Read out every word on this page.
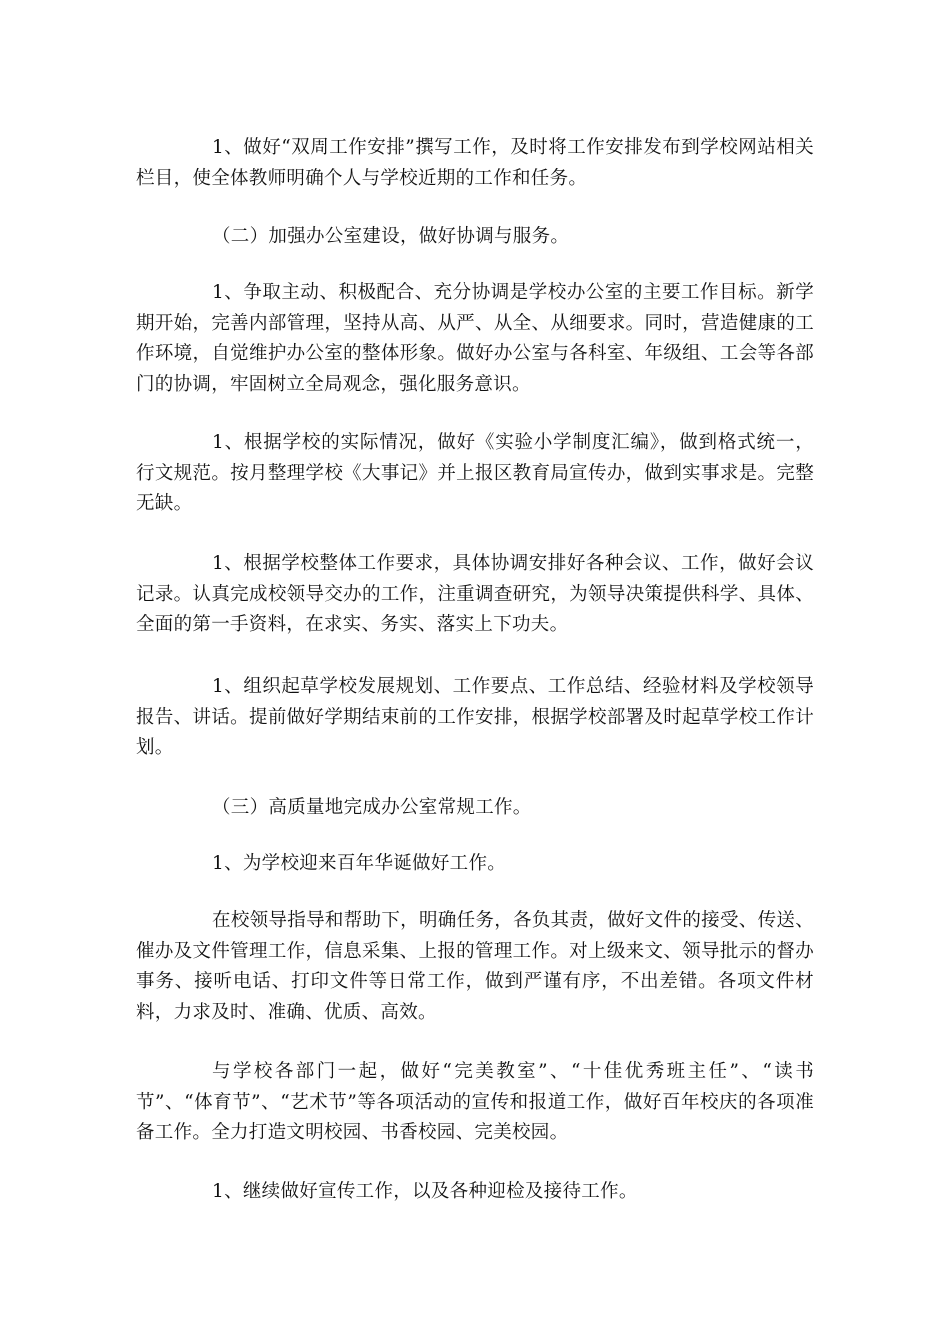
1、做好“双周工作安排”撰写工作，及时将工作安排发布到学校网站相关栏目，使全体教师明确个人与学校近期的工作和任务。

（二）加强办公室建设，做好协调与服务。

1、争取主动、积极配合、充分协调是学校办公室的主要工作目标。新学期开始，完善内部管理，坚持从高、从严、从全、从细要求。同时，营造健康的工作环境，自觉维护办公室的整体形象。做好办公室与各科室、年级组、工会等各部门的协调，牢固树立全局观念，强化服务意识。

1、根据学校的实际情况，做好《实验小学制度汇编》，做到格式统一，行文规范。按月整理学校《大事记》并上报区教育局宣传办，做到实事求是。完整无缺。

1、根据学校整体工作要求，具体协调安排好各种会议、工作，做好会议记录。认真完成校领导交办的工作，注重调查研究，为领导决策提供科学、具体、全面的第一手资料，在求实、务实、落实上下功夫。

1、组织起草学校发展规划、工作要点、工作总结、经验材料及学校领导报告、讲话。提前做好学期结束前的工作安排，根据学校部署及时起草学校工作计划。

（三）高质量地完成办公室常规工作。

1、为学校迎来百年华诞做好工作。

在校领导指导和帮助下，明确任务，各负其责，做好文件的接受、传送、催办及文件管理工作，信息采集、上报的管理工作。对上级来文、领导批示的督办事务、接听电话、打印文件等日常工作，做到严谨有序，不出差错。各项文件材料，力求及时、准确、优质、高效。

与学校各部门一起，做好“完美教室”、“十佳优秀班主任”、“读书节”、“体育节”、“艺术节”等各项活动的宣传和报道工作，做好百年校庆的各项准备工作。全力打造文明校园、书香校园、完美校园。

1、继续做好宣传工作，以及各种迎检及接待工作。
